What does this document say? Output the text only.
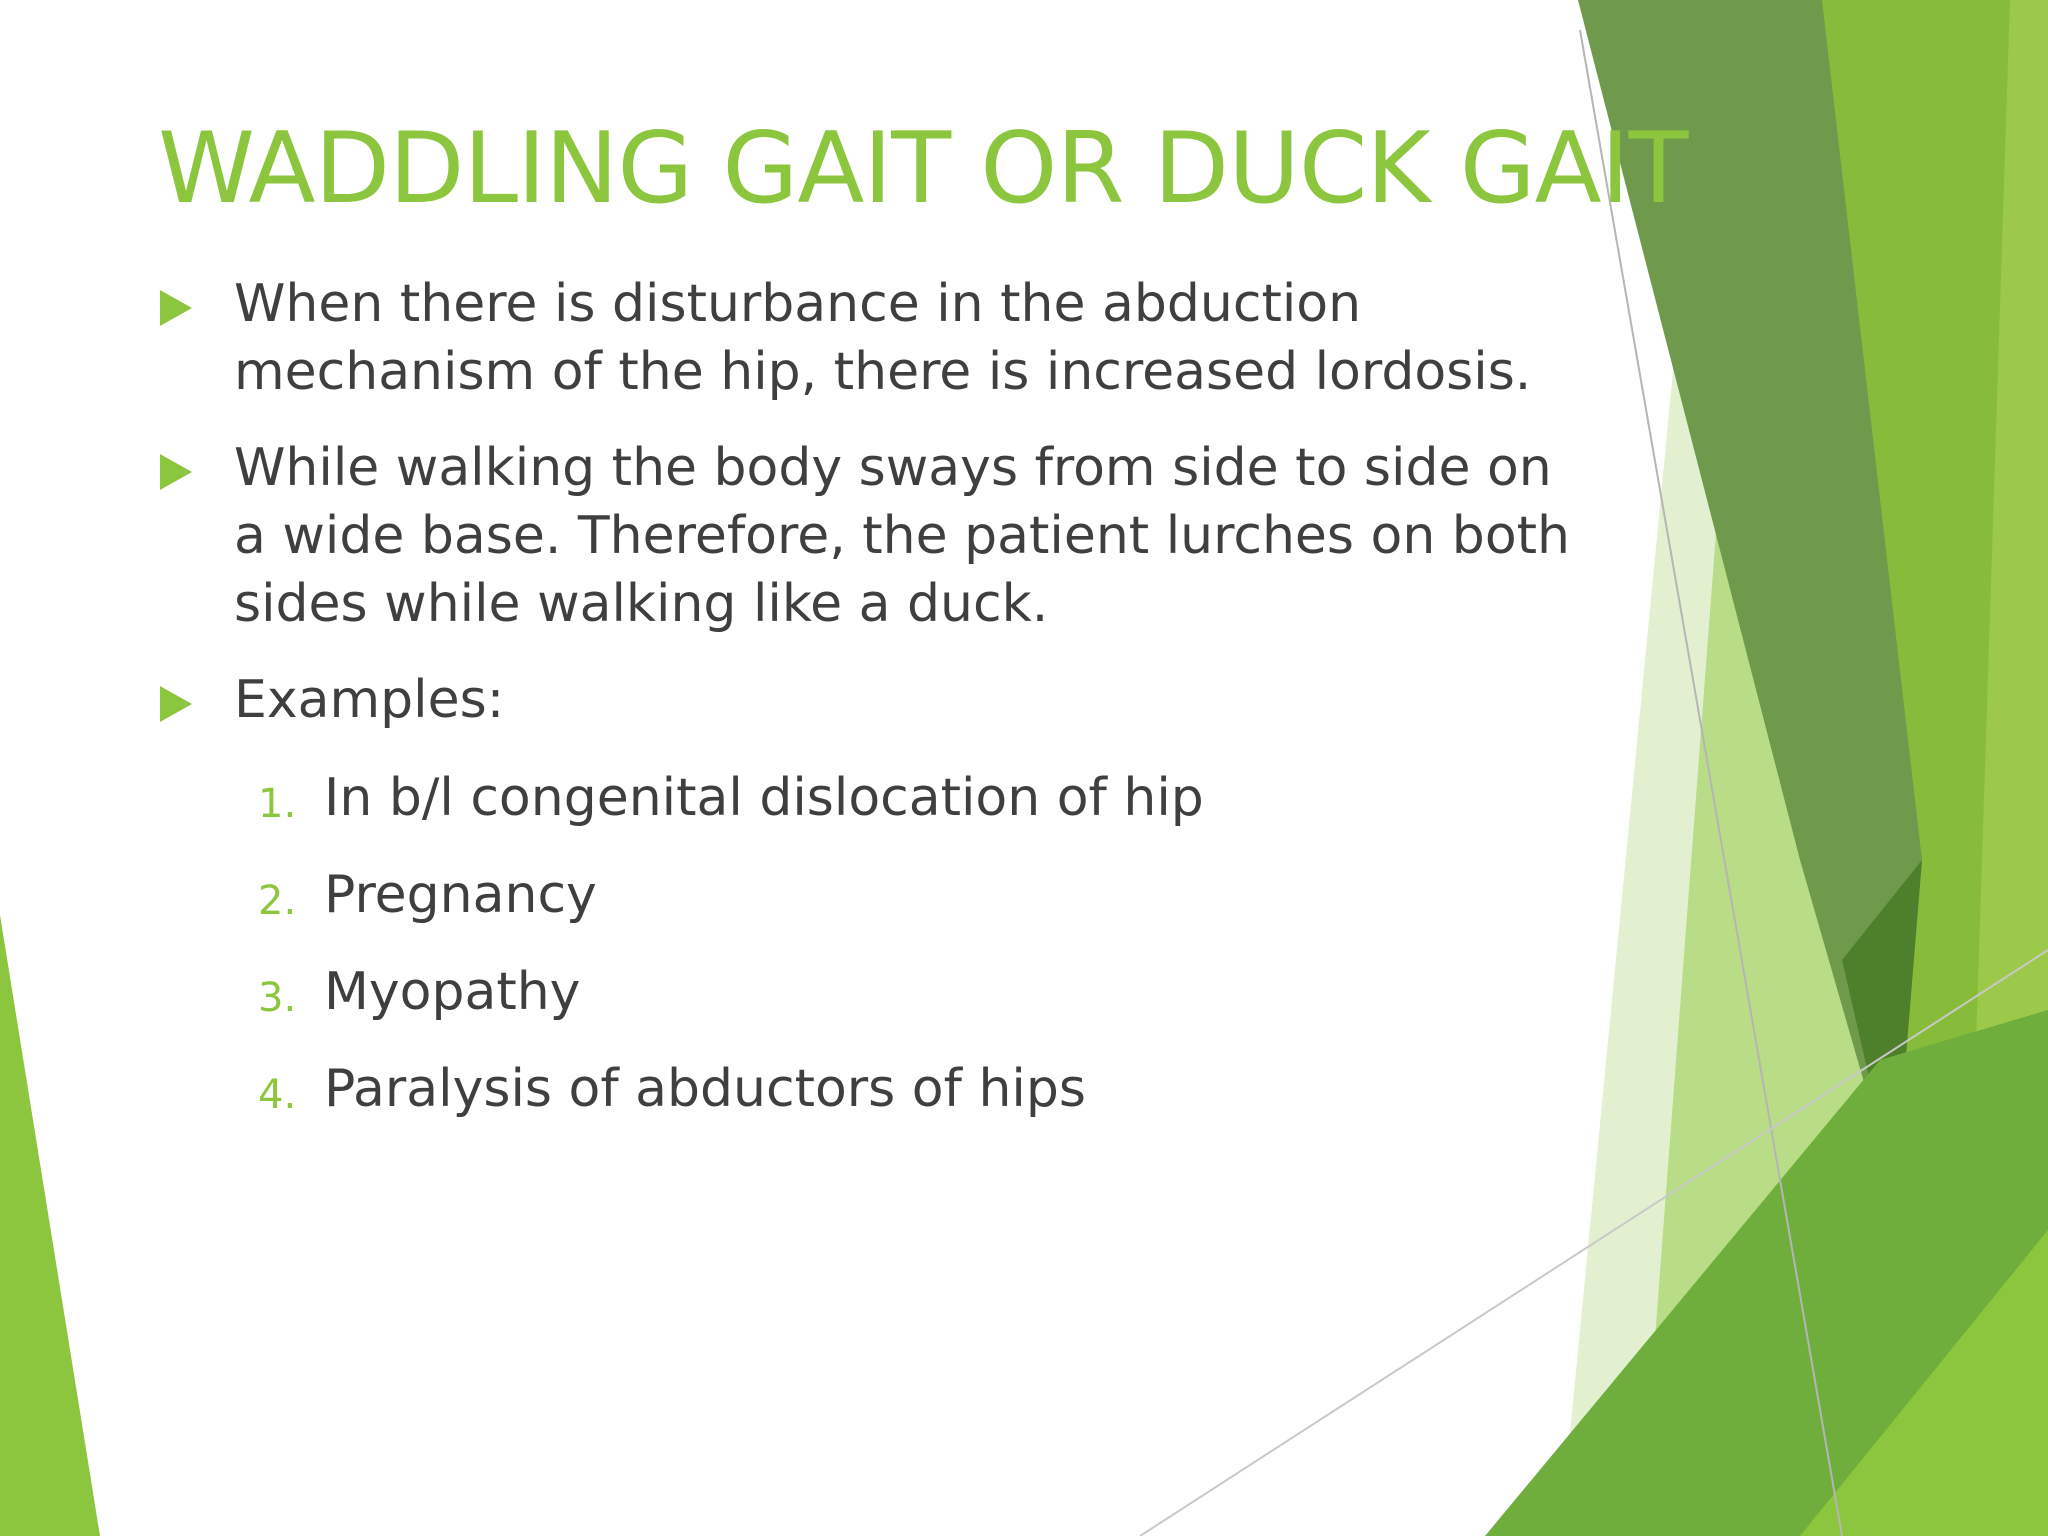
WADDLING GAIT OR DUCK GAIT
When there is disturbance in the abduction mechanism of the hip, there is increased lordosis.
While walking the body sways from side to side on a wide base. Therefore, the patient lurches on both sides while walking like a duck.
Examples:
1. In b/l congenital dislocation of hip
2. Pregnancy
3. Myopathy
4. Paralysis of abductors of hips
